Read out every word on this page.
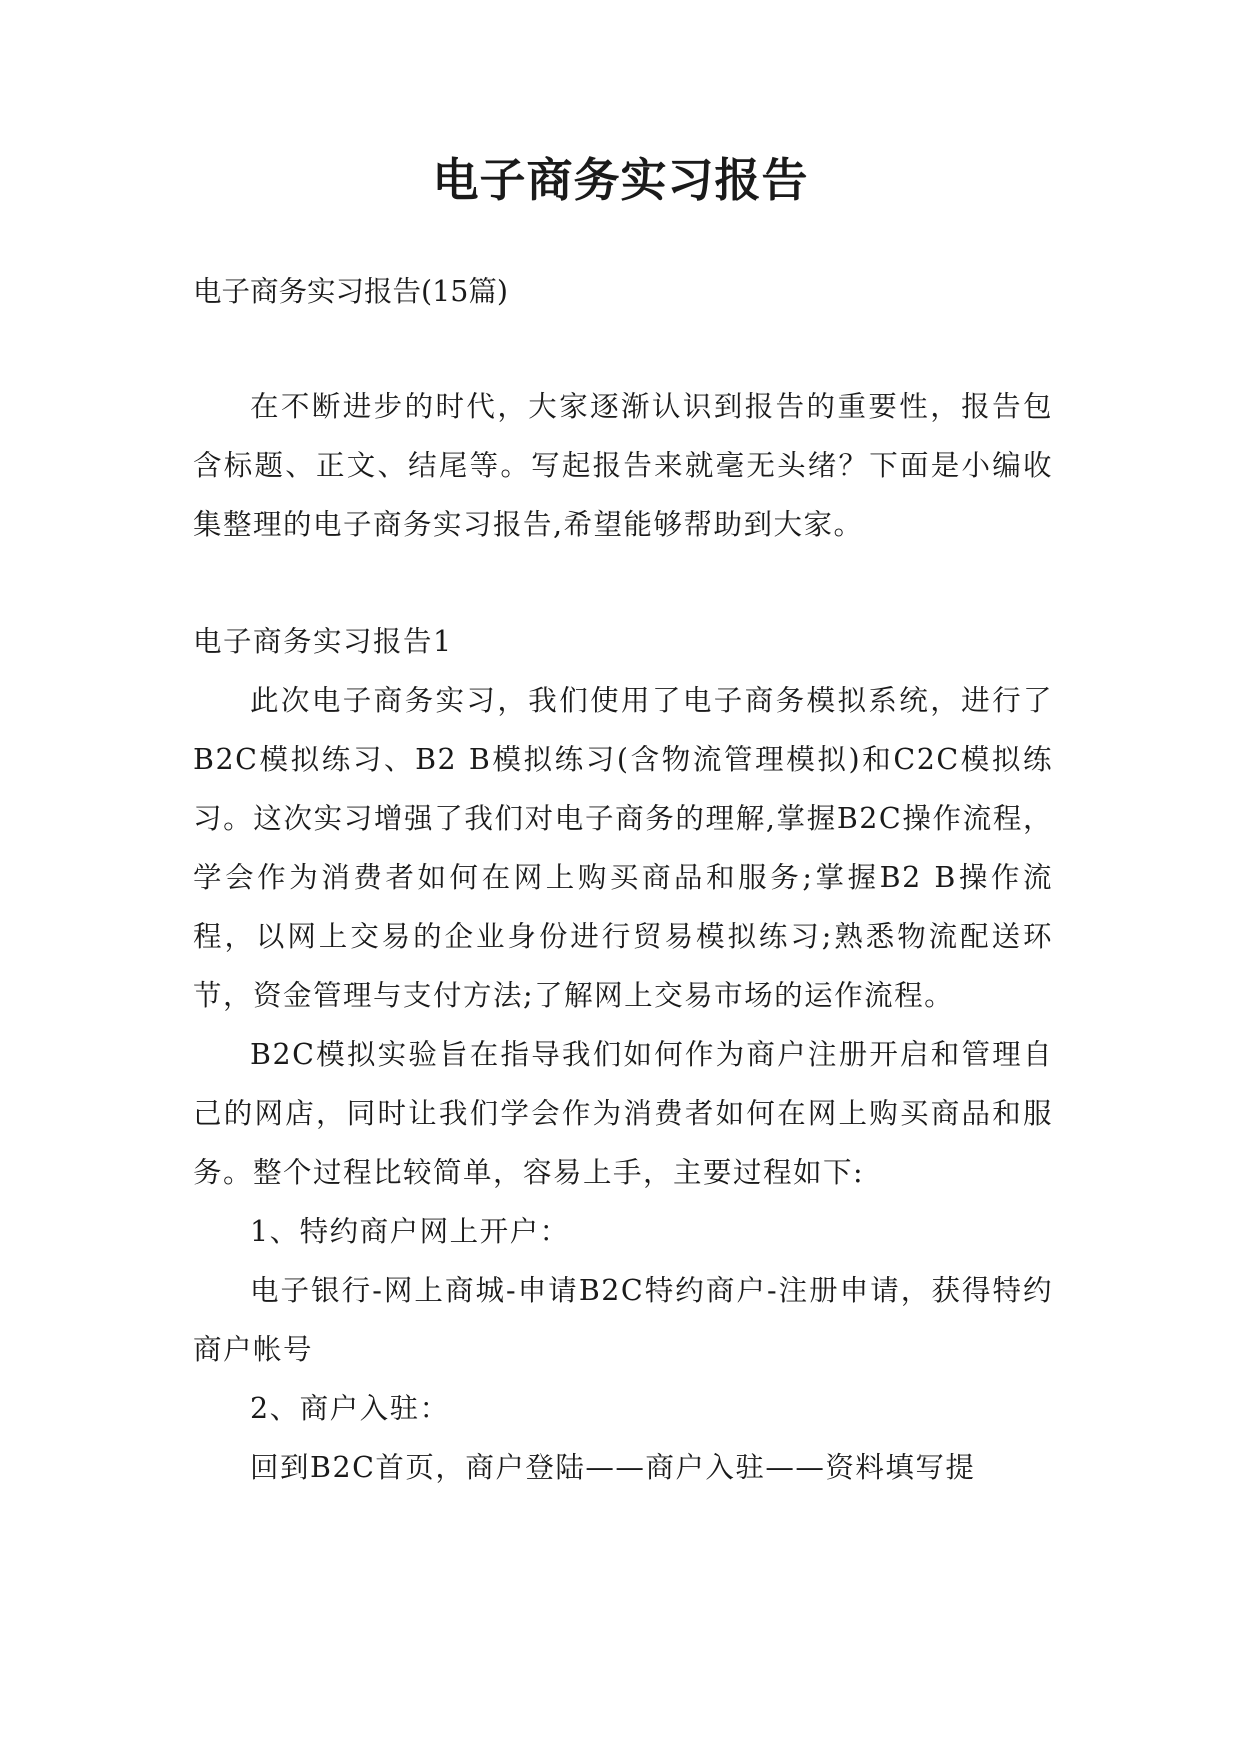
电子商务实习报告

电子商务实习报告(15篇)

在不断进步的时代，大家逐渐认识到报告的重要性，报告包含标题、正文、结尾等。写起报告来就毫无头绪？下面是小编收集整理的电子商务实习报告,希望能够帮助到大家。

电子商务实习报告1

此次电子商务实习，我们使用了电子商务模拟系统，进行了B2C模拟练习、B2 B模拟练习(含物流管理模拟)和C2C模拟练习。这次实习增强了我们对电子商务的理解,掌握B2C操作流程，学会作为消费者如何在网上购买商品和服务;掌握B2 B操作流程，以网上交易的企业身份进行贸易模拟练习;熟悉物流配送环节，资金管理与支付方法;了解网上交易市场的运作流程。

B2C模拟实验旨在指导我们如何作为商户注册开启和管理自己的网店，同时让我们学会作为消费者如何在网上购买商品和服务。整个过程比较简单，容易上手，主要过程如下:

1、特约商户网上开户：

电子银行-网上商城-申请B2C特约商户-注册申请，获得特约商户帐号

2、商户入驻：

回到B2C首页，商户登陆——商户入驻——资料填写提
